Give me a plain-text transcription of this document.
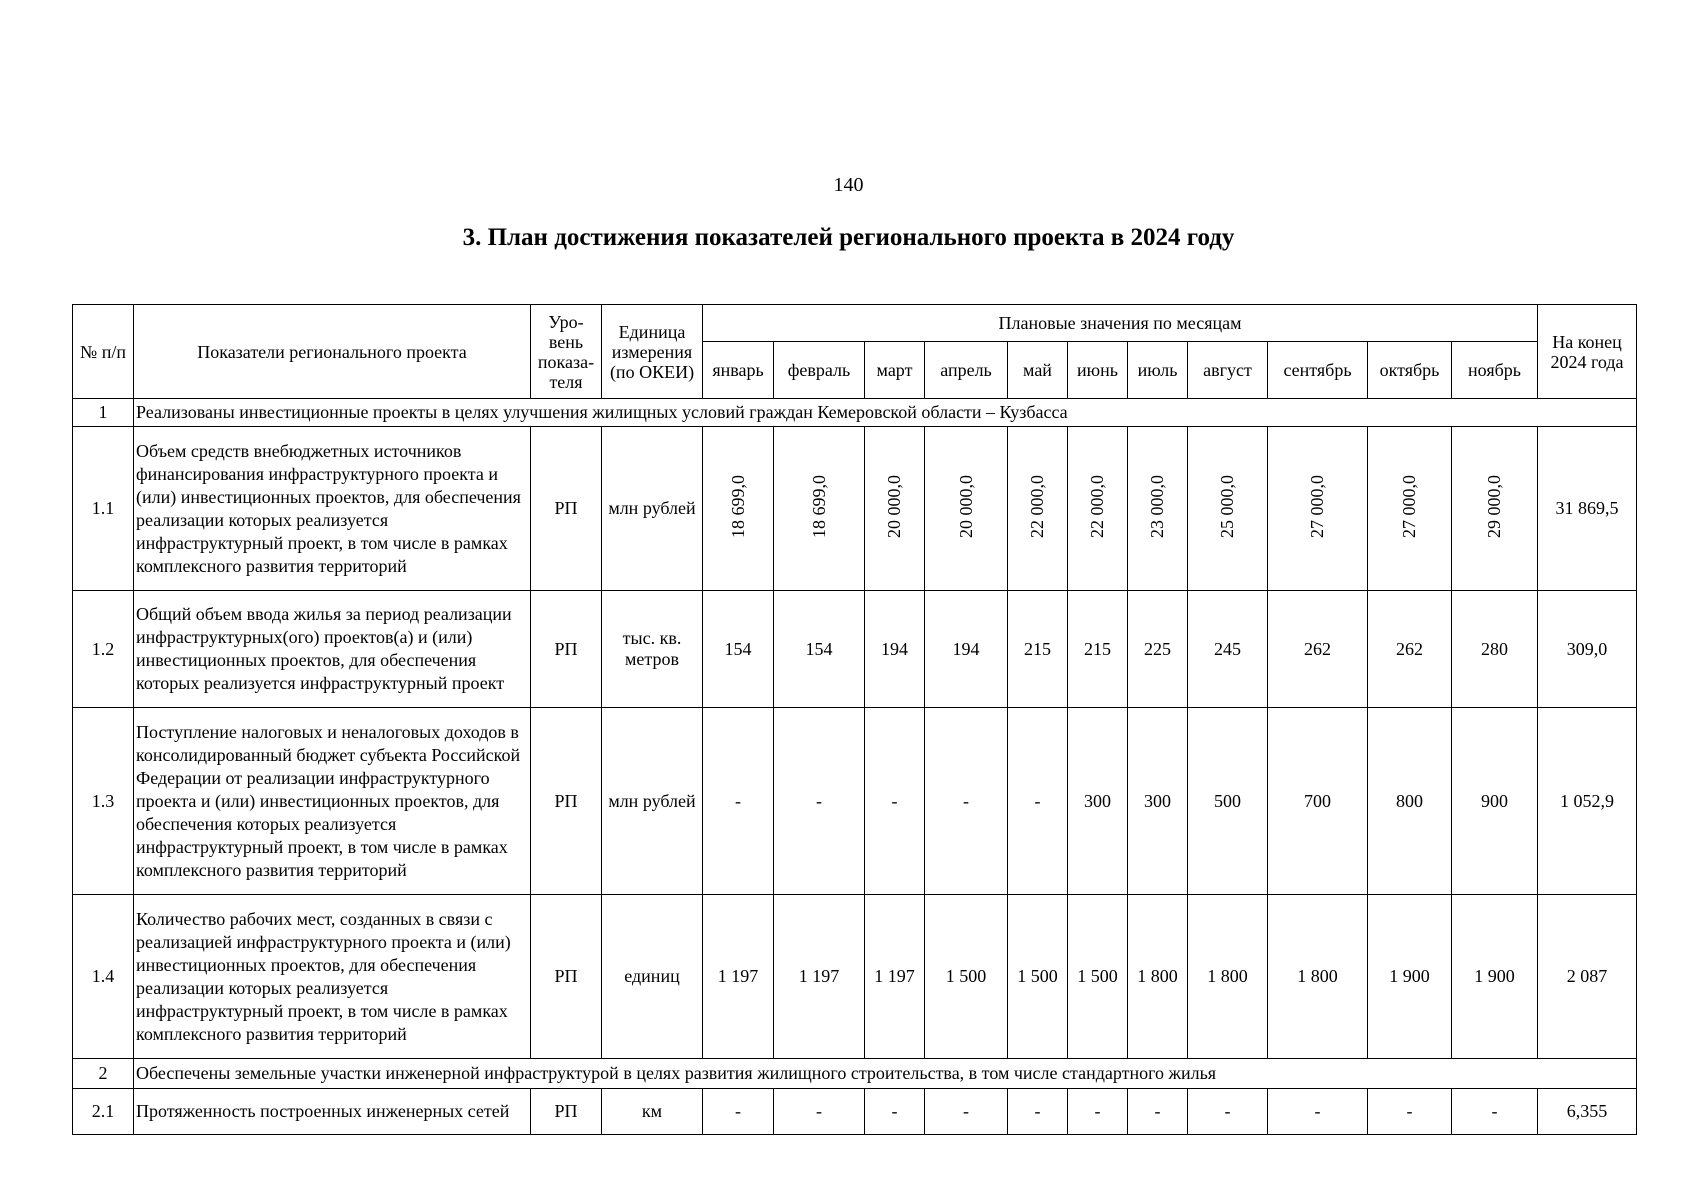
140
3. План достижения показателей регионального проекта в 2024 году
№ п/п	Показатели регионального проекта	Уро-вень показа-теля	Единица измерения (по ОКЕИ)	Плановые значения по месяцам											На конец 2024 года
				январь	февраль	март	апрель	май	июнь	июль	август	сентябрь	октябрь	ноябрь	
1	Реализованы инвестиционные проекты в целях улучшения жилищных условий граждан Кемеровской области – Кузбасса														
1.1	Объем средств внебюджетных источников финансирования инфраструктурного проекта и (или) инвестиционных проектов, для обеспечения реализации которых реализуется инфраструктурный проект, в том числе в рамках комплексного развития территорий	РП	млн рублей	18 699,0	18 699,0	20 000,0	20 000,0	22 000,0	22 000,0	23 000,0	25 000,0	27 000,0	27 000,0	29 000,0	31 869,5
1.2	Общий объем ввода жилья за период реализации инфраструктурных(ого) проектов(а) и (или) инвестиционных проектов, для обеспечения которых реализуется инфраструктурный проект	РП	тыс. кв. метров	154	154	194	194	215	215	225	245	262	262	280	309,0
1.3	Поступление налоговых и неналоговых доходов в консолидированный бюджет субъекта Российской Федерации от реализации инфраструктурного проекта и (или) инвестиционных проектов, для обеспечения которых реализуется инфраструктурный проект, в том числе в рамках комплексного развития территорий	РП	млн рублей	-	-	-	-	-	300	300	500	700	800	900	1 052,9
1.4	Количество рабочих мест, созданных в связи с реализацией инфраструктурного проекта и (или) инвестиционных проектов, для обеспечения реализации которых реализуется инфраструктурный проект, в том числе в рамках комплексного развития территорий	РП	единиц	1 197	1 197	1 197	1 500	1 500	1 500	1 800	1 800	1 800	1 900	1 900	2 087
2	Обеспечены земельные участки инженерной инфраструктурой в целях развития жилищного строительства, в том числе стандартного жилья														
2.1	Протяженность построенных инженерных сетей	РП	км	-	-	-	-	-	-	-	-	-	-	-	6,355
